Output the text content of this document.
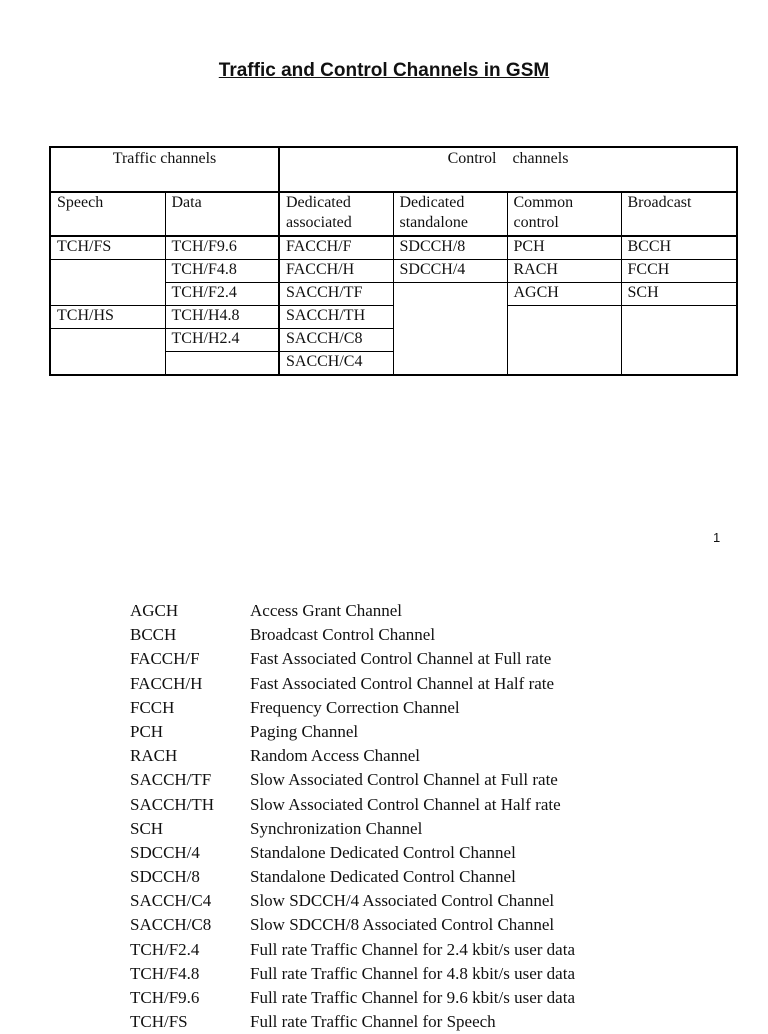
Traffic and Control Channels in GSM
Traffic channels		Control    channels			
Speech	Data	Dedicated associated	Dedicated standalone	Common control	Broadcast
TCH/FS	TCH/F9.6	FACCH/F	SDCCH/8	PCH	BCCH
	TCH/F4.8	FACCH/H	SDCCH/4	RACH	FCCH
	TCH/F2.4	SACCH/TF		AGCH	SCH
TCH/HS	TCH/H4.8	SACCH/TH			
	TCH/H2.4	SACCH/C8			
		SACCH/C4			
1
AGCH	Access Grant Channel
BCCH	Broadcast Control Channel
FACCH/F	Fast Associated Control Channel at Full rate
FACCH/H	Fast Associated Control Channel at Half rate
FCCH	Frequency Correction Channel
PCH	Paging Channel
RACH	Random Access Channel
SACCH/TF Slow Associated Control Channel at Full rate
SACCH/TH Slow Associated Control Channel at Half rate
SCH	Synchronization Channel
SDCCH/4	Standalone Dedicated Control Channel
SDCCH/8	Standalone Dedicated Control Channel
SACCH/C4 Slow SDCCH/4 Associated Control Channel
SACCH/C8 Slow SDCCH/8 Associated Control Channel
TCH/F2.4	Full rate Traffic Channel for 2.4 kbit/s user data
TCH/F4.8	Full rate Traffic Channel for 4.8 kbit/s user data
TCH/F9.6	Full rate Traffic Channel for 9.6 kbit/s user data
TCH/FS	Full rate Traffic Channel for Speech
